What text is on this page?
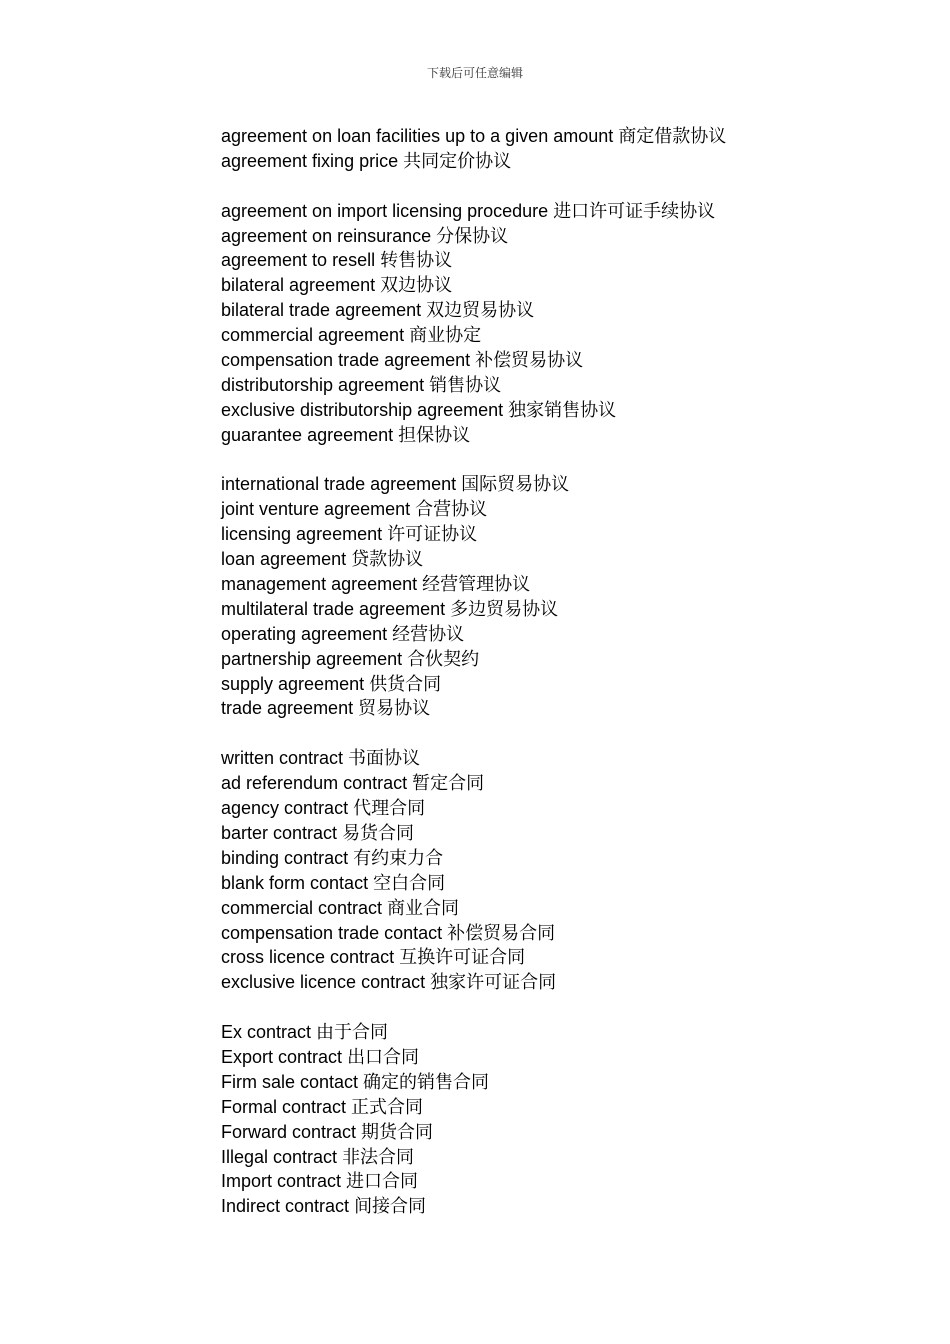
下载后可任意编辑
agreement on loan facilities up to a given amount 商定借款协议
agreement fixing price 共同定价协议
agreement on import licensing procedure 进口许可证手续协议
agreement on reinsurance 分保协议
agreement to resell 转售协议
bilateral agreement 双边协议
bilateral trade agreement 双边贸易协议
commercial agreement 商业协定
compensation trade agreement 补偿贸易协议
distributorship agreement 销售协议
exclusive distributorship agreement 独家销售协议
guarantee agreement 担保协议
international trade agreement 国际贸易协议
joint venture agreement 合营协议
licensing agreement 许可证协议
loan agreement 贷款协议
management agreement 经营管理协议
multilateral trade agreement 多边贸易协议
operating agreement 经营协议
partnership agreement 合伙契约
supply agreement 供货合同
trade agreement 贸易协议
written contract 书面协议
ad referendum contract 暂定合同
agency contract 代理合同
barter contract 易货合同
binding contract 有约束力合
blank form contact 空白合同
commercial contract 商业合同
compensation trade contact 补偿贸易合同
cross licence contract 互换许可证合同
exclusive licence contract 独家许可证合同
Ex contract 由于合同
Export contract 出口合同
Firm sale contact 确定的销售合同
Formal contract 正式合同
Forward contract 期货合同
Illegal contract 非法合同
Import contract 进口合同
Indirect contract 间接合同
